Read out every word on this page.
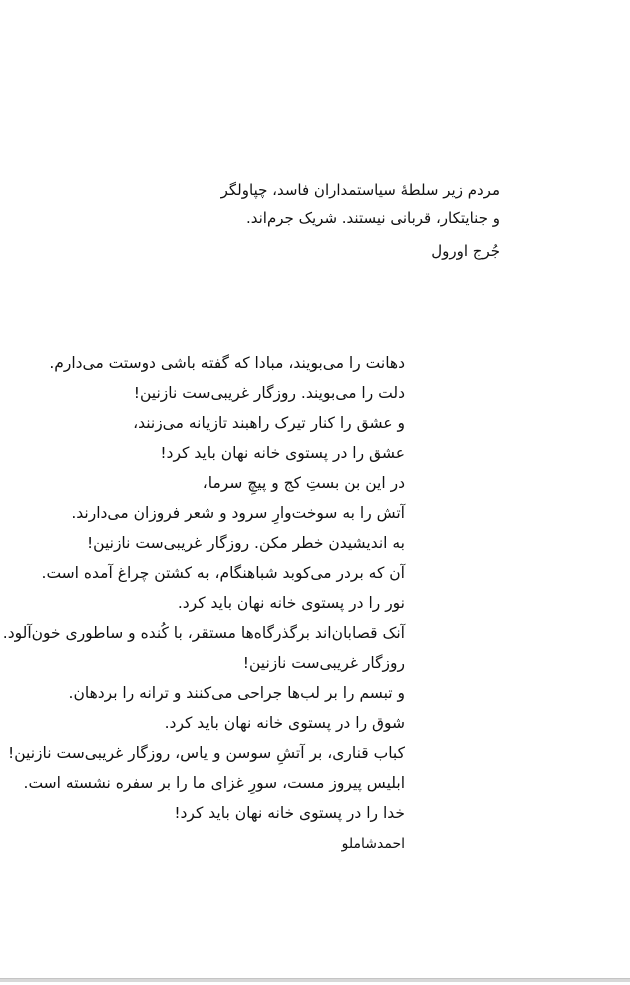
مردم زیر سلطهٔ سیاستمداران فاسد، چپاولگر
و جنایتکار، قربانی نیستند. شریک جرم‌اند.
جُرج اورول
دهانت را می‌بویند، مبادا که گفته باشی دوستت می‌دارم.
دلت را می‌بویند. روزگار غریبی‌ست نازنین!
و عشق را کنار تیرک راهبند تازیانه می‌زنند،
عشق را در پستوی خانه نهان باید کرد!
در این بن بستِ کج و پیچِ سرما،
آتش را به سوخت‌وارِ سرود و شعر فروزان می‌دارند.
به اندیشیدن خطر مکن. روزگار غریبی‌ست نازنین!
آن که بردر می‌کوبد شباهنگام، به کشتن چراغ آمده است.
نور را در پستوی خانه نهان باید کرد.
آنک قصابان‌اند برگذرگاه‌ها مستقر، با کُنده و ساطوری خون‌آلود.
روزگار غریبی‌ست نازنین!
و تبسم را بر لب‌ها جراحی می‌کنند و ترانه را بردهان.
شوق را در پستوی خانه نهان باید کرد.
کباب قناری، بر آتشِ سوسن و یاس، روزگار غریبی‌ست نازنین!
ابلیس پیروز مست، سورِ غزای ما را بر سفره نشسته است.
خدا را در پستوی خانه نهان باید کرد!
احمدشاملو
